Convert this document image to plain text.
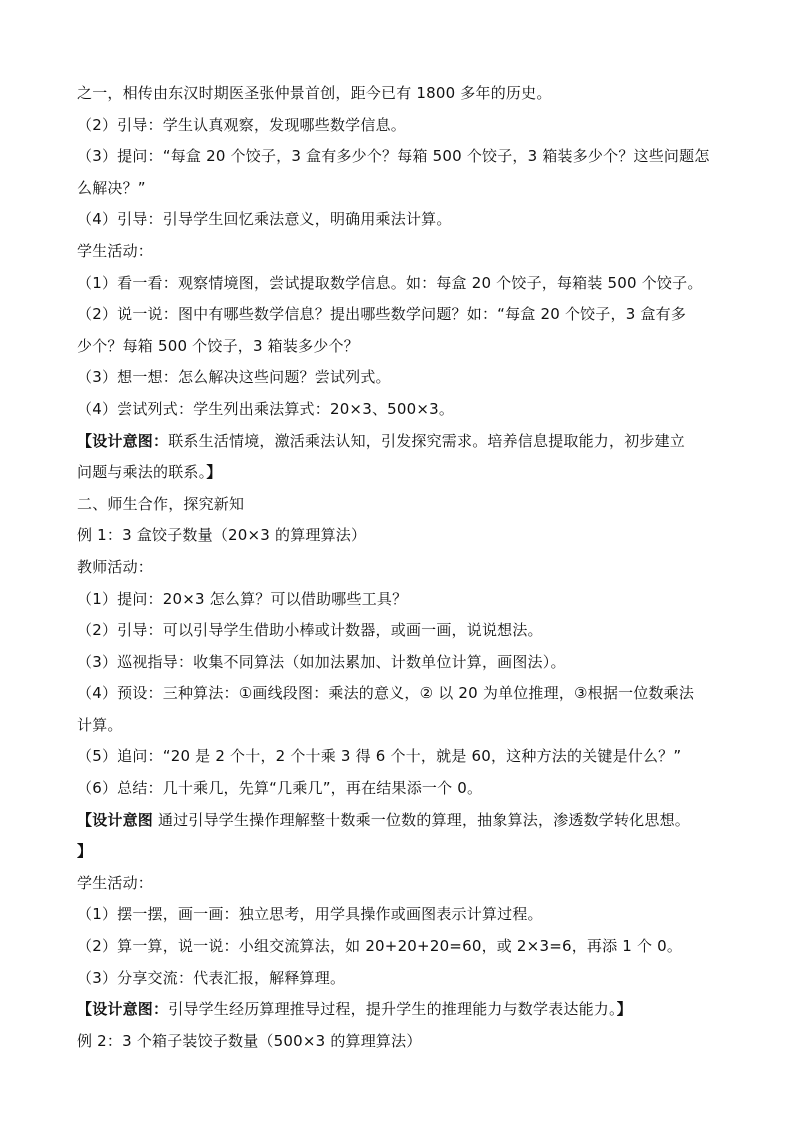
之一，相传由东汉时期医圣张仲景首创，距今已有 1800 多年的历史。
（2）引导：学生认真观察，发现哪些数学信息。
（3）提问：“每盒 20 个饺子，3 盒有多少个？每箱 500 个饺子，3 箱装多少个？这些问题怎
么解决？”
（4）引导：引导学生回忆乘法意义，明确用乘法计算。
学生活动：
（1）看一看：观察情境图，尝试提取数学信息。如：每盒 20 个饺子，每箱装 500 个饺子。
（2）说一说：图中有哪些数学信息？提出哪些数学问题？如：“每盒 20 个饺子，3 盒有多
少个？每箱 500 个饺子，3 箱装多少个？
（3）想一想：怎么解决这些问题？尝试列式。
（4）尝试列式：学生列出乘法算式：20×3、500×3。
【设计意图：联系生活情境，激活乘法认知，引发探究需求。培养信息提取能力，初步建立
问题与乘法的联系。】
二、师生合作，探究新知
例 1：3 盒饺子数量（20×3 的算理算法）
教师活动：
（1）提问：20×3 怎么算？可以借助哪些工具？
（2）引导：可以引导学生借助小棒或计数器，或画一画，说说想法。
（3）巡视指导：收集不同算法（如加法累加、计数单位计算，画图法）。
（4）预设：三种算法：①画线段图：乘法的意义，② 以 20 为单位推理，③根据一位数乘法
计算。
（5）追问：“20 是 2 个十，2 个十乘 3 得 6 个十，就是 60，这种方法的关键是什么？”
（6）总结：几十乘几，先算“几乘几”，再在结果添一个 0。
【设计意图 通过引导学生操作理解整十数乘一位数的算理，抽象算法，渗透数学转化思想。
】
学生活动：
（1）摆一摆，画一画：独立思考，用学具操作或画图表示计算过程。
（2）算一算，说一说：小组交流算法，如 20+20+20=60，或 2×3=6，再添 1 个 0。
（3）分享交流：代表汇报，解释算理。
【设计意图：引导学生经历算理推导过程，提升学生的推理能力与数学表达能力。】
例 2：3 个箱子装饺子数量（500×3 的算理算法）
